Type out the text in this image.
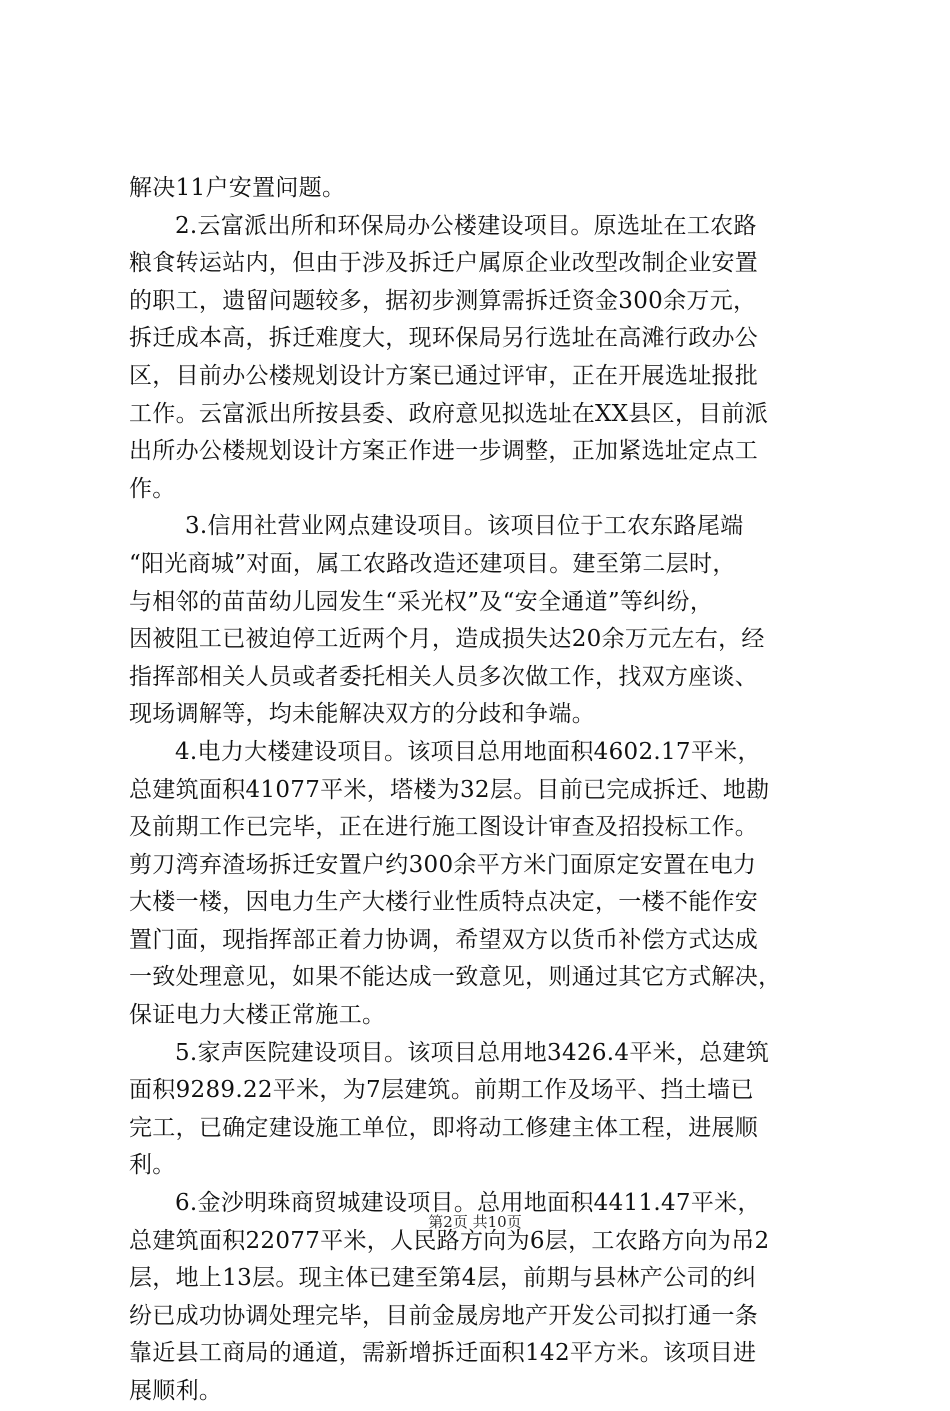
解决11户安置问题。
2.云富派出所和环保局办公楼建设项目。原选址在工农路
粮食转运站内，但由于涉及拆迁户属原企业改型改制企业安置
的职工，遗留问题较多，据初步测算需拆迁资金300余万元，
拆迁成本高，拆迁难度大，现环保局另行选址在高滩行政办公
区，目前办公楼规划设计方案已通过评审，正在开展选址报批
工作。云富派出所按县委、政府意见拟选址在XX县区，目前派
出所办公楼规划设计方案正作进一步调整，正加紧选址定点工
作。
3.信用社营业网点建设项目。该项目位于工农东路尾端
“阳光商城”对面，属工农路改造还建项目。建至第二层时，
与相邻的苗苗幼儿园发生“采光权”及“安全通道”等纠纷，
因被阻工已被迫停工近两个月，造成损失达20余万元左右，经
指挥部相关人员或者委托相关人员多次做工作，找双方座谈、
现场调解等，均未能解决双方的分歧和争端。
4.电力大楼建设项目。该项目总用地面积4602.17平米，
总建筑面积41077平米，塔楼为32层。目前已完成拆迁、地勘
及前期工作已完毕，正在进行施工图设计审查及招投标工作。
剪刀湾弃渣场拆迁安置户约300余平方米门面原定安置在电力
大楼一楼，因电力生产大楼行业性质特点决定，一楼不能作安
置门面，现指挥部正着力协调，希望双方以货币补偿方式达成
一致处理意见，如果不能达成一致意见，则通过其它方式解决，
保证电力大楼正常施工。
5.家声医院建设项目。该项目总用地3426.4平米，总建筑
面积9289.22平米，为7层建筑。前期工作及场平、挡土墙已
完工，已确定建设施工单位，即将动工修建主体工程，进展顺
利。
6.金沙明珠商贸城建设项目。总用地面积4411.47平米，
总建筑面积22077平米，人民路方向为6层，工农路方向为吊2
层，地上13层。现主体已建至第4层，前期与县林产公司的纠
纷已成功协调处理完毕，目前金晟房地产开发公司拟打通一条
靠近县工商局的通道，需新增拆迁面积142平方米。该项目进
展顺利。
第2页 共10页
